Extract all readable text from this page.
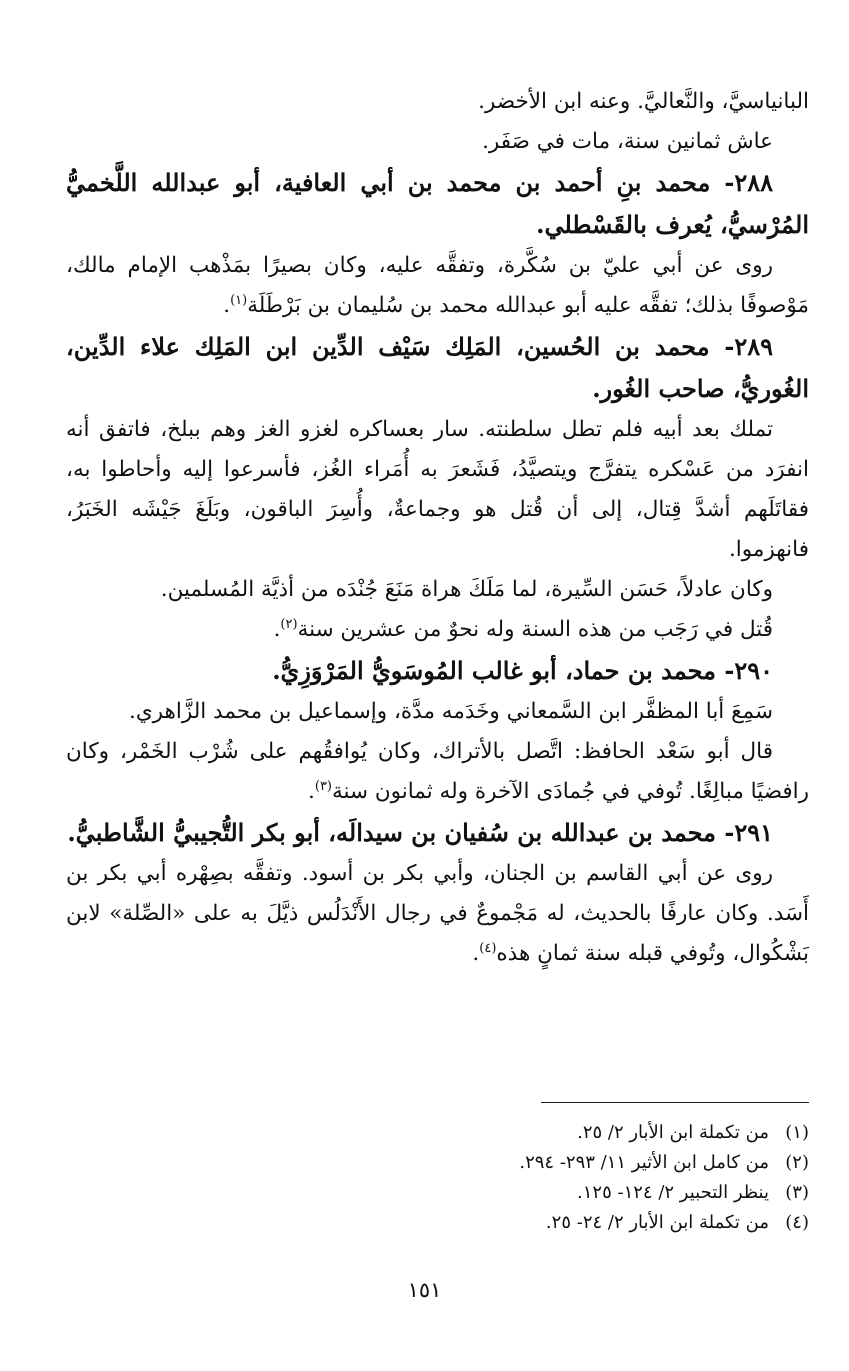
البانياسيَّ، والنَّعاليَّ. وعنه ابن الأخضر.

عاش ثمانين سنة، مات في صَفَر.

٢٨٨- محمد بنِ أحمد بن محمد بن أبي العافية، أبو عبدالله اللَّخميُّ المُرْسيُّ، يُعرف بالقَسْطلي.

روى عن أبي عليّ بن سُكَّرة، وتفقَّه عليه، وكان بصيرًا بمَذْهب الإمام مالك، مَوْصوفًا بذلك؛ تفقَّه عليه أبو عبدالله محمد بن سُليمان بن بَرْطَلَة$^{(١)}$.

٢٨٩- محمد بن الحُسين، المَلِك سَيْف الدِّين ابن المَلِك علاء الدِّين، الغُوريُّ، صاحب الغُور.

تملك بعد أبيه فلم تطل سلطنته. سار بعساكره لغزو الغز وهم ببلخ، فاتفق أنه انفرَد من عَسْكره يتفرَّج ويتصيَّدُ، فَشَعرَ به أُمَراء الغُز، فأسرعوا إليه وأحاطوا به، فقاتَلَهم أشدَّ قِتال، إلى أن قُتل هو وجماعةٌ، وأُسِرَ الباقون، وبَلَغَ جَيْشَه الخَبَرُ، فانهزموا.

وكان عادلاً، حَسَن السِّيرة، لما مَلَكَ هراة مَنَعَ جُنْدَه من أذيَّة المُسلمين.

قُتل في رَجَب من هذه السنة وله نحوٌ من عشرين سنة$^{(٢)}$.

٢٩٠- محمد بن حماد، أبو غالب المُوسَويُّ المَرْوَزِيُّ.

سَمِعَ أبا المظفَّر ابن السَّمعاني وخَدَمه مدَّة، وإسماعيل بن محمد الزَّاهري.

قال أبو سَعْد الحافظ: اتَّصل بالأتراك، وكان يُوافقُهم على شُرْب الخَمْر، وكان رافضيًا مبالِغًا. تُوفي في جُمادَى الآخرة وله ثمانون سنة$^{(٣)}$.

٢٩١- محمد بن عبدالله بن سُفيان بن سيدالَه، أبو بكر التُّجيبيُّ الشَّاطبيُّ.

روى عن أبي القاسم بن الجنان، وأبي بكر بن أسود. وتفقَّه بصِهْره أبي بكر بن أَسَد. وكان عارفًا بالحديث، له مَجْموعٌ في رجال الأَنْدَلُس ذيَّلَ به على «الصِّلة» لابن بَشْكُوال، وتُوفي قبله سنة ثمانٍ هذه$^{(٤)}$.

(١)من تكملة ابن الأبار ٢/ ٢٥.

(٢)من كامل ابن الأثير ١١/ ٢٩٣- ٢٩٤.

(٣)ينظر التحبير ٢/ ١٢٤- ١٢٥.

(٤)من تكملة ابن الأبار ٢/ ٢٤- ٢٥.

١٥١
